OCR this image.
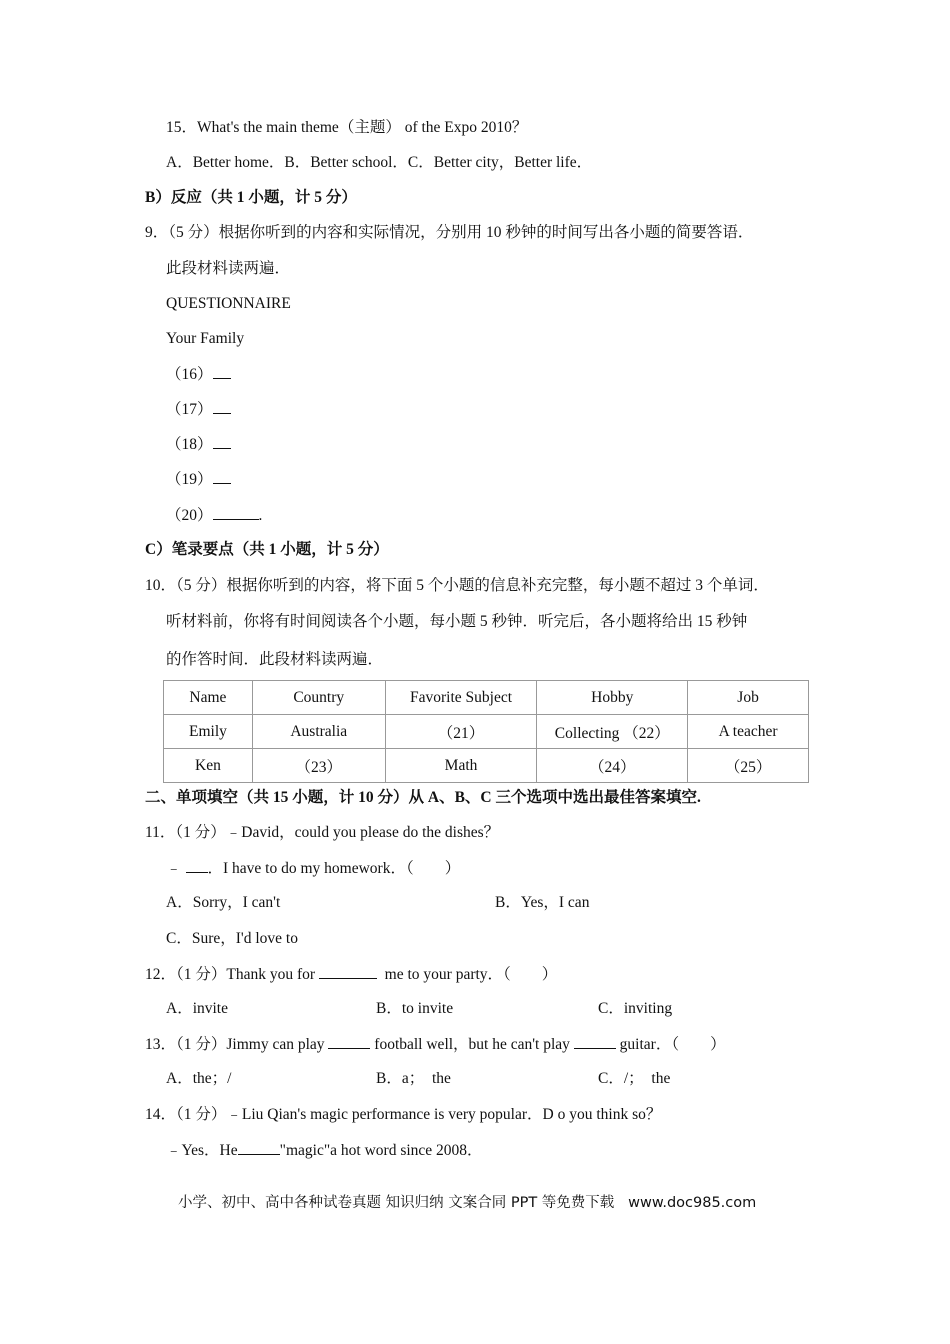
15．What's the main theme（主题） of the Expo 2010？
A．Better home．B．Better school．C．Better city，Better life．
B）反应（共 1 小题，计 5 分）
9．（5 分）根据你听到的内容和实际情况，分别用 10 秒钟的时间写出各小题的简要答语．
此段材料读两遍．
QUESTIONNAIRE
Your Family
（16）
（17）
（18）
（19）
（20）	.
C）笔录要点（共 1 小题，计 5 分）
10．（5 分）根据你听到的内容，将下面 5 个小题的信息补充完整，每小题不超过 3 个单词．
听材料前，你将有时间阅读各个小题，每小题 5 秒钟．听完后，各小题将给出 15 秒钟
的作答时间．此段材料读两遍．
Name	Country	Favorite Subject	Hobby	Job
Emily	Australia	（21）	Collecting （22）	A teacher
Ken	（23）	Math	（24）	（25）
二、单项填空（共 15 小题，计 10 分）从 A、B、C 三个选项中选出最佳答案填空.
11．（1 分）﹣David，could you please do the dishes？
﹣ ．I have to do my homework．（　　）
A．Sorry，I can't	B．Yes，I can
C．Sure，I'd love to
12．（1 分）Thank you for	me to your party．（　　）
A．invite	B．to invite	C．inviting
13．（1 分）Jimmy can play	football well，but he can't play	guitar．（　　）
A．the；/	B．a；  the	C．/；  the
14．（1 分）﹣Liu Qian's magic performance is very popular．D o you think so？
﹣Yes．He	"magic"a hot word since 2008．
小学、初中、高中各种试卷真题 知识归纳 文案合同 PPT 等免费下载   www.doc985.com
